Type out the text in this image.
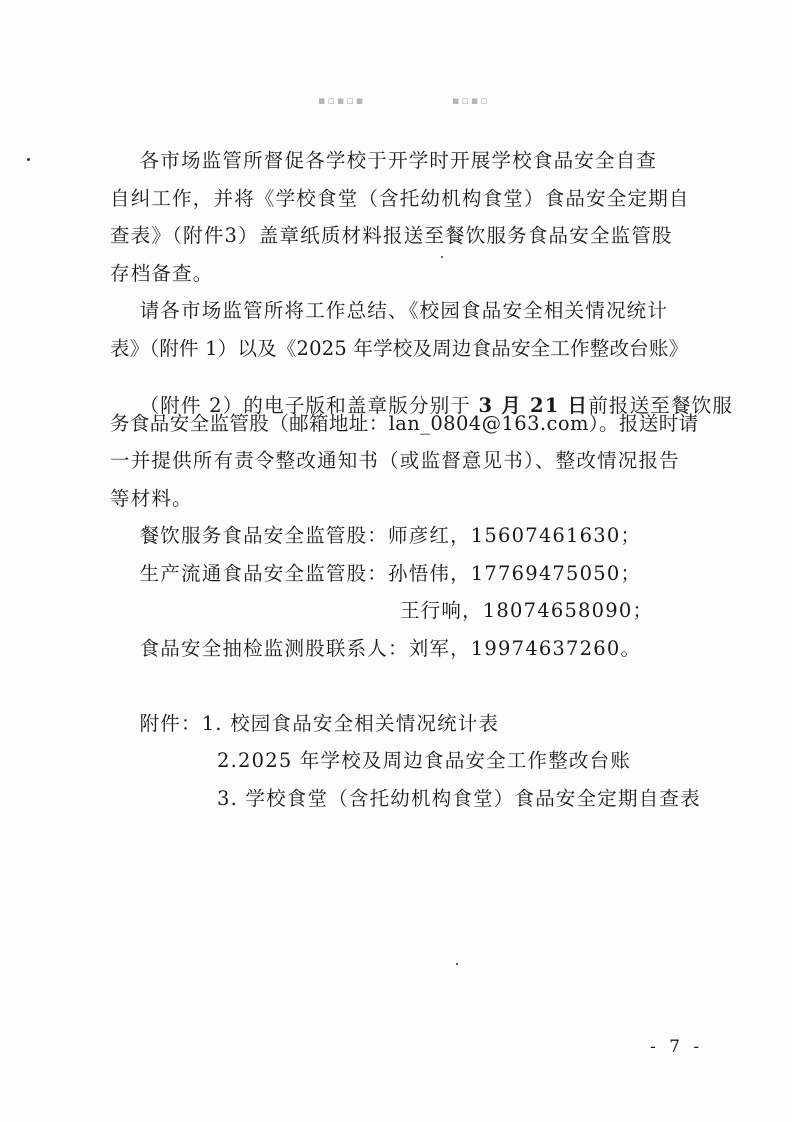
▪▫▪▫▪	▪▫▪▫
各市场监管所督促各学校于开学时开展学校食品安全自查
自纠工作，并将《学校食堂（含托幼机构食堂）食品安全定期自
查表》（附件3）盖章纸质材料报送至餐饮服务食品安全监管股
存档备查。
请各市场监管所将工作总结、《校园食品安全相关情况统计
表》（附件 1）以及《2025 年学校及周边食品安全工作整改台账》

（附件 2）的电子版和盖章版分别于 3 月 21 日前报送至餐饮服

务食品安全监管股（邮箱地址：lan_0804@163.com）。报送时请
一并提供所有责令整改通知书（或监督意见书）、整改情况报告
等材料。
餐饮服务食品安全监管股：师彦红，15607461630；
生产流通食品安全监管股：孙悟伟，17769475050；
王行响，18074658090；
食品安全抽检监测股联系人：刘军，19974637260。
附件：1. 校园食品安全相关情况统计表
2.2025 年学校及周边食品安全工作整改台账
3. 学校食堂（含托幼机构食堂）食品安全定期自查表
- 7 -
